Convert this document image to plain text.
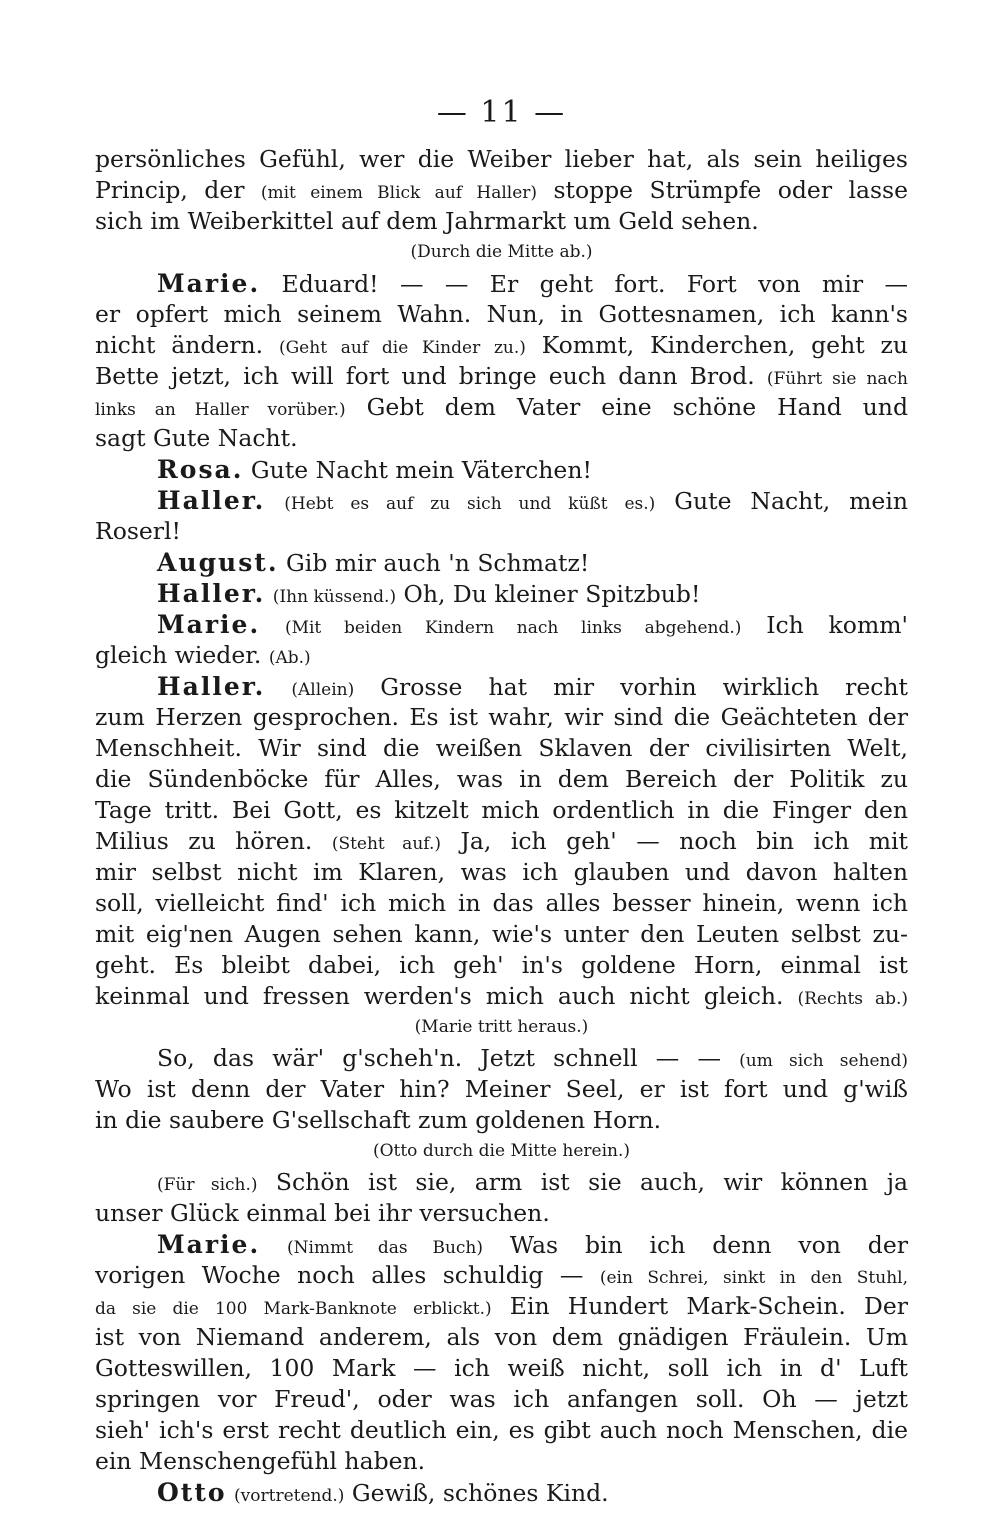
— 11 —
persönliches Gefühl, wer die Weiber lieber hat, als sein heiliges
Princip, der (mit einem Blick auf Haller) stoppe Strümpfe oder lasse
sich im Weiberkittel auf dem Jahrmarkt um Geld sehen.
(Durch die Mitte ab.)
Marie. Eduard! — — Er geht fort. Fort von mir —
er opfert mich seinem Wahn. Nun, in Gottesnamen, ich kann's
nicht ändern. (Geht auf die Kinder zu.) Kommt, Kinderchen, geht zu
Bette jetzt, ich will fort und bringe euch dann Brod. (Führt sie nach
links an Haller vorüber.) Gebt dem Vater eine schöne Hand und
sagt Gute Nacht.
Rosa. Gute Nacht mein Väterchen!
Haller. (Hebt es auf zu sich und küßt es.) Gute Nacht, mein
Roserl!
August. Gib mir auch 'n Schmatz!
Haller. (Ihn küssend.) Oh, Du kleiner Spitzbub!
Marie. (Mit beiden Kindern nach links abgehend.) Ich komm'
gleich wieder. (Ab.)
Haller. (Allein) Grosse hat mir vorhin wirklich recht
zum Herzen gesprochen. Es ist wahr, wir sind die Geächteten der
Menschheit. Wir sind die weißen Sklaven der civilisirten Welt,
die Sündenböcke für Alles, was in dem Bereich der Politik zu
Tage tritt. Bei Gott, es kitzelt mich ordentlich in die Finger den
Milius zu hören. (Steht auf.) Ja, ich geh' — noch bin ich mit
mir selbst nicht im Klaren, was ich glauben und davon halten
soll, vielleicht find' ich mich in das alles besser hinein, wenn ich
mit eig'nen Augen sehen kann, wie's unter den Leuten selbst zu-
geht. Es bleibt dabei, ich geh' in's goldene Horn, einmal ist
keinmal und fressen werden's mich auch nicht gleich. (Rechts ab.)
(Marie tritt heraus.)
So, das wär' g'scheh'n. Jetzt schnell — — (um sich sehend)
Wo ist denn der Vater hin? Meiner Seel, er ist fort und g'wiß
in die saubere G'sellschaft zum goldenen Horn.
(Otto durch die Mitte herein.)
(Für sich.) Schön ist sie, arm ist sie auch, wir können ja
unser Glück einmal bei ihr versuchen.
Marie. (Nimmt das Buch) Was bin ich denn von der
vorigen Woche noch alles schuldig — (ein Schrei, sinkt in den Stuhl,
da sie die 100 Mark-Banknote erblickt.) Ein Hundert Mark-Schein. Der
ist von Niemand anderem, als von dem gnädigen Fräulein. Um
Gotteswillen, 100 Mark — ich weiß nicht, soll ich in d' Luft
springen vor Freud', oder was ich anfangen soll. Oh — jetzt
sieh' ich's erst recht deutlich ein, es gibt auch noch Menschen, die
ein Menschengefühl haben.
Otto (vortretend.) Gewiß, schönes Kind.
